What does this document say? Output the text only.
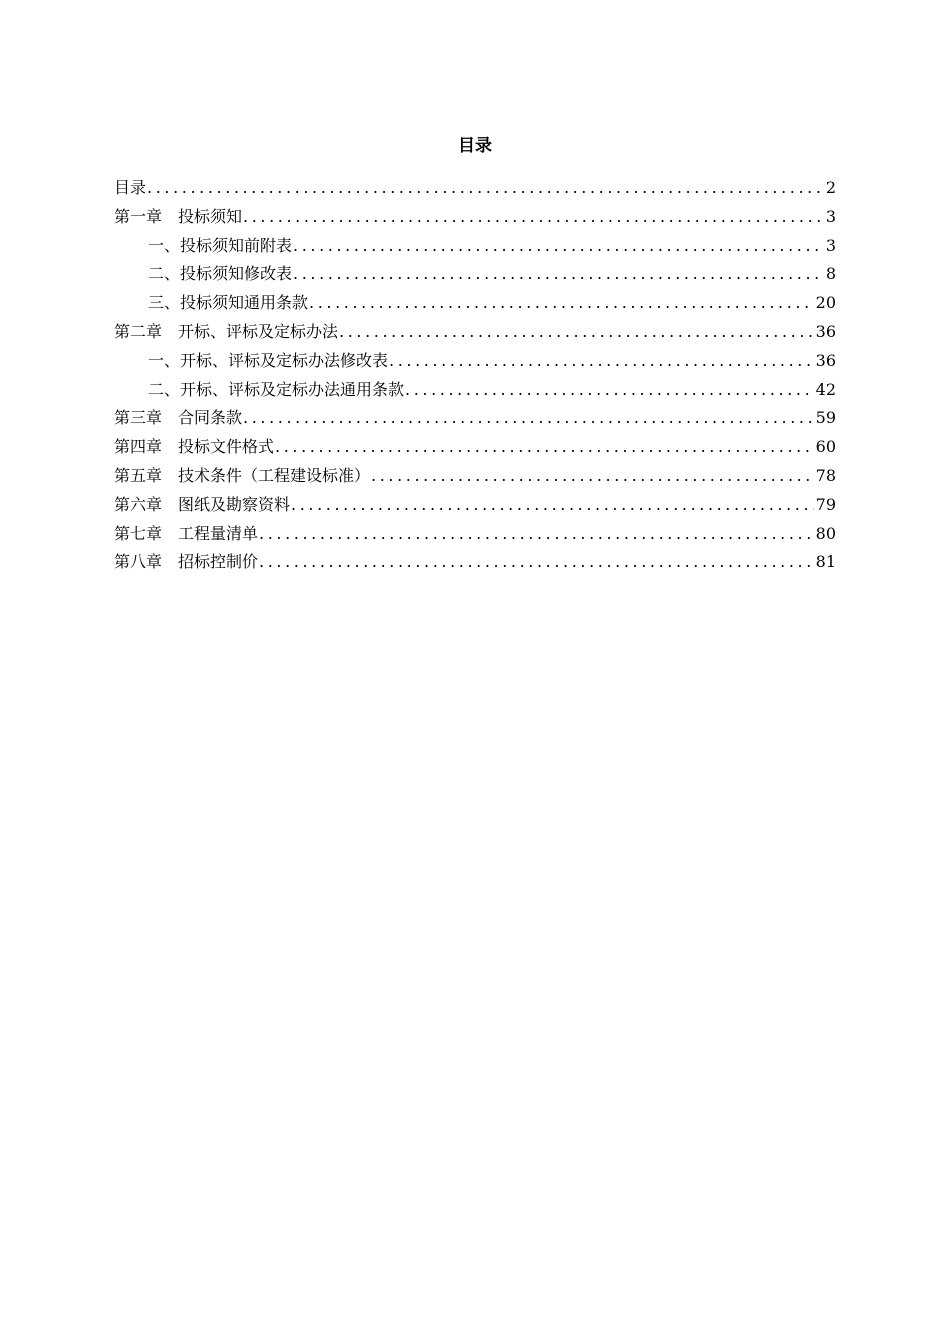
目录
目录 .....	2
第一章　投标须知 .....	3
一、投标须知前附表 .....	3
二、投标须知修改表 .....	8
三、投标须知通用条款 .....	20
第二章　开标、评标及定标办法 .....	36
一、开标、评标及定标办法修改表 .....	36
二、开标、评标及定标办法通用条款 .....	42
第三章　合同条款 .....	59
第四章　投标文件格式 .....	60
第五章　技术条件（工程建设标准） .....	78
第六章　图纸及勘察资料 .....	79
第七章　工程量清单 .....	80
第八章　招标控制价 .....	81
